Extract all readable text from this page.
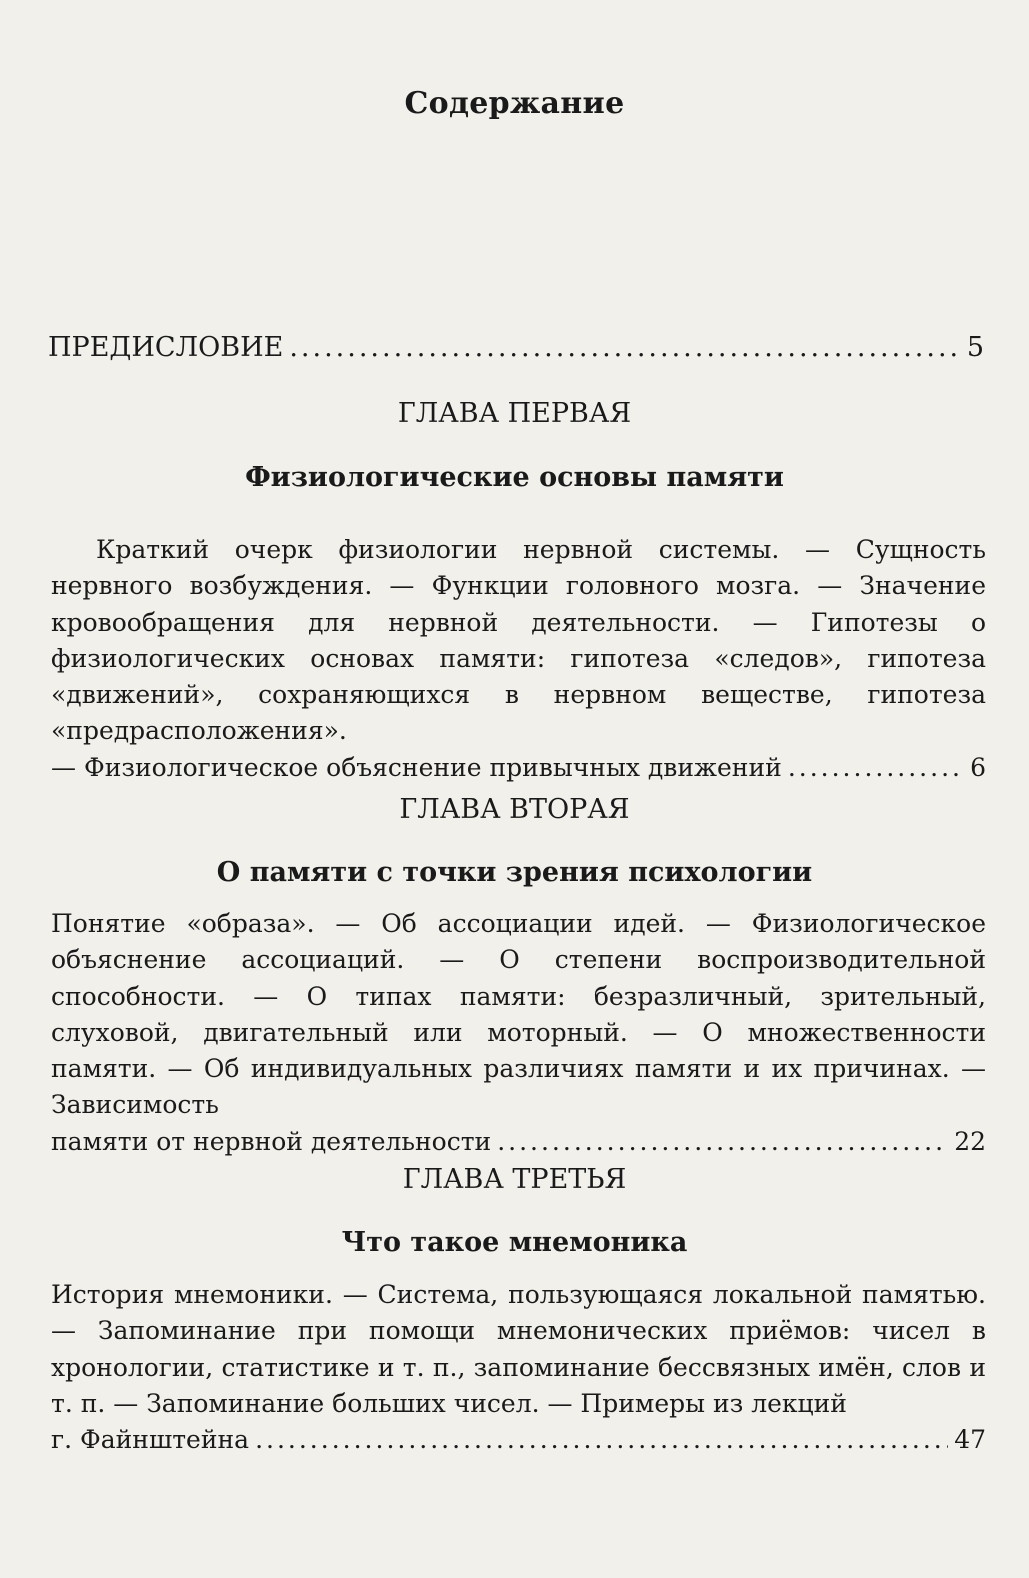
Содержание
ПРЕДИСЛОВИЕ .....	5
ГЛАВА ПЕРВАЯ
Физиологические основы памяти
Краткий очерк физиологии нервной системы. — Сущность нервного возбуждения. — Функции головного мозга. — Значение кровообращения для нервной деятельности. — Гипотезы о физиологических основах памяти: гипотеза «следов», гипотеза «движений», сохраняющихся в нервном веществе, гипотеза «предрасположения».
— Физиологическое объяснение привычных движений .....	6
ГЛАВА ВТОРАЯ
О памяти с точки зрения психологии
Понятие «образа». — Об ассоциации идей. — Физиологическое объяснение ассоциаций. — О степени воспроизводительной способности. — О типах памяти: безразличный, зрительный, слуховой, двигательный или моторный. — О множественности памяти. — Об индивидуальных различиях памяти и их причинах. — Зависимость
памяти от нервной деятельности .....	22
ГЛАВА ТРЕТЬЯ
Что такое мнемоника
История мнемоники. — Система, пользующаяся локальной памятью. — Запоминание при помощи мнемонических приёмов: чисел в хронологии, статистике и т. п., запоминание бессвязных имён, слов и т. п. — Запоминание больших чисел. — Примеры из лекций
г. Файнштейна .....	47
